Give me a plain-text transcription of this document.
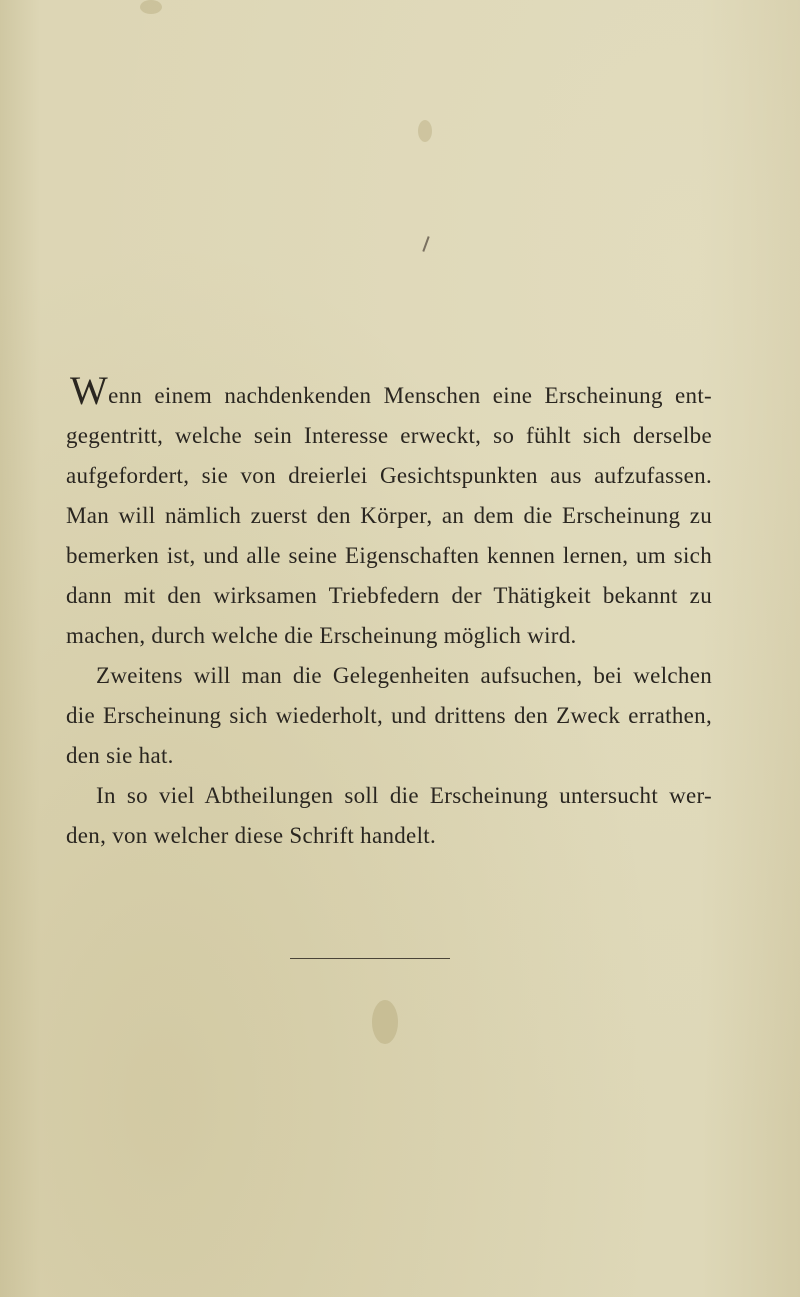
Wenn einem nachdenkenden Menschen eine Erscheinung ent-
gegentritt, welche sein Interesse erweckt, so fühlt sich derselbe
aufgefordert, sie von dreierlei Gesichtspunkten aus aufzufassen.
Man will nämlich zuerst den Körper, an dem die Erscheinung zu
bemerken ist, und alle seine Eigenschaften kennen lernen, um sich
dann mit den wirksamen Triebfedern der Thätigkeit bekannt zu
machen, durch welche die Erscheinung möglich wird.
Zweitens will man die Gelegenheiten aufsuchen, bei welchen
die Erscheinung sich wiederholt, und drittens den Zweck errathen,
den sie hat.
In so viel Abtheilungen soll die Erscheinung untersucht wer-
den, von welcher diese Schrift handelt.
